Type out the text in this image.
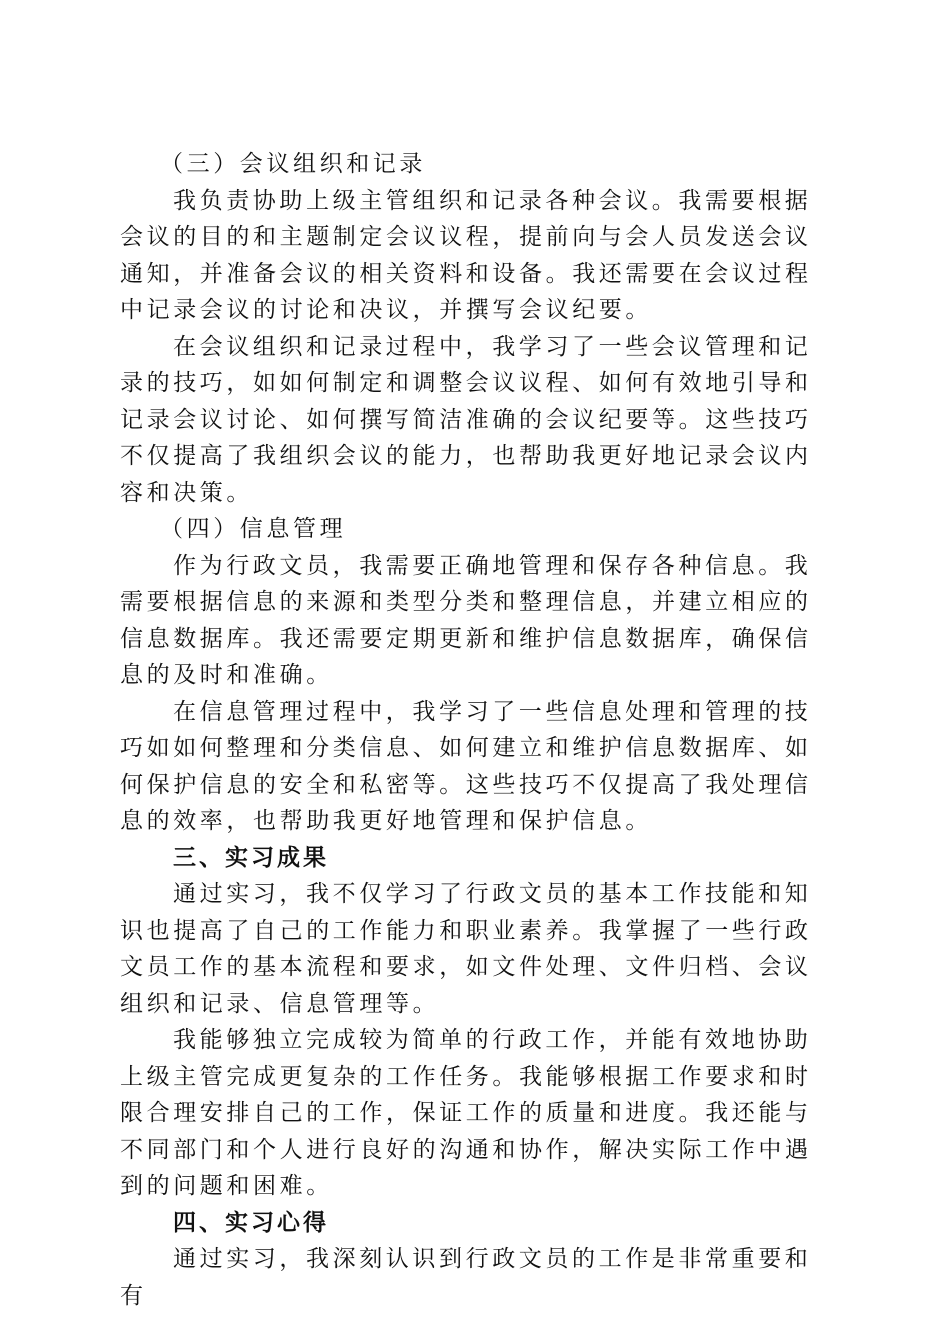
（三）会议组织和记录

我负责协助上级主管组织和记录各种会议。我需要根据会议的目的和主题制定会议议程，提前向与会人员发送会议通知，并准备会议的相关资料和设备。我还需要在会议过程中记录会议的讨论和决议，并撰写会议纪要。

在会议组织和记录过程中，我学习了一些会议管理和记录的技巧，如如何制定和调整会议议程、如何有效地引导和记录会议讨论、如何撰写简洁准确的会议纪要等。这些技巧不仅提高了我组织会议的能力，也帮助我更好地记录会议内容和决策。

（四）信息管理

作为行政文员，我需要正确地管理和保存各种信息。我需要根据信息的来源和类型分类和整理信息，并建立相应的信息数据库。我还需要定期更新和维护信息数据库，确保信息的及时和准确。

在信息管理过程中，我学习了一些信息处理和管理的技巧如如何整理和分类信息、如何建立和维护信息数据库、如何保护信息的安全和私密等。这些技巧不仅提高了我处理信息的效率，也帮助我更好地管理和保护信息。

三、实习成果

通过实习，我不仅学习了行政文员的基本工作技能和知识也提高了自己的工作能力和职业素养。我掌握了一些行政文员工作的基本流程和要求，如文件处理、文件归档、会议组织和记录、信息管理等。

我能够独立完成较为简单的行政工作，并能有效地协助上级主管完成更复杂的工作任务。我能够根据工作要求和时限合理安排自己的工作，保证工作的质量和进度。我还能与不同部门和个人进行良好的沟通和协作，解决实际工作中遇到的问题和困难。

四、实习心得

通过实习，我深刻认识到行政文员的工作是非常重要和有
